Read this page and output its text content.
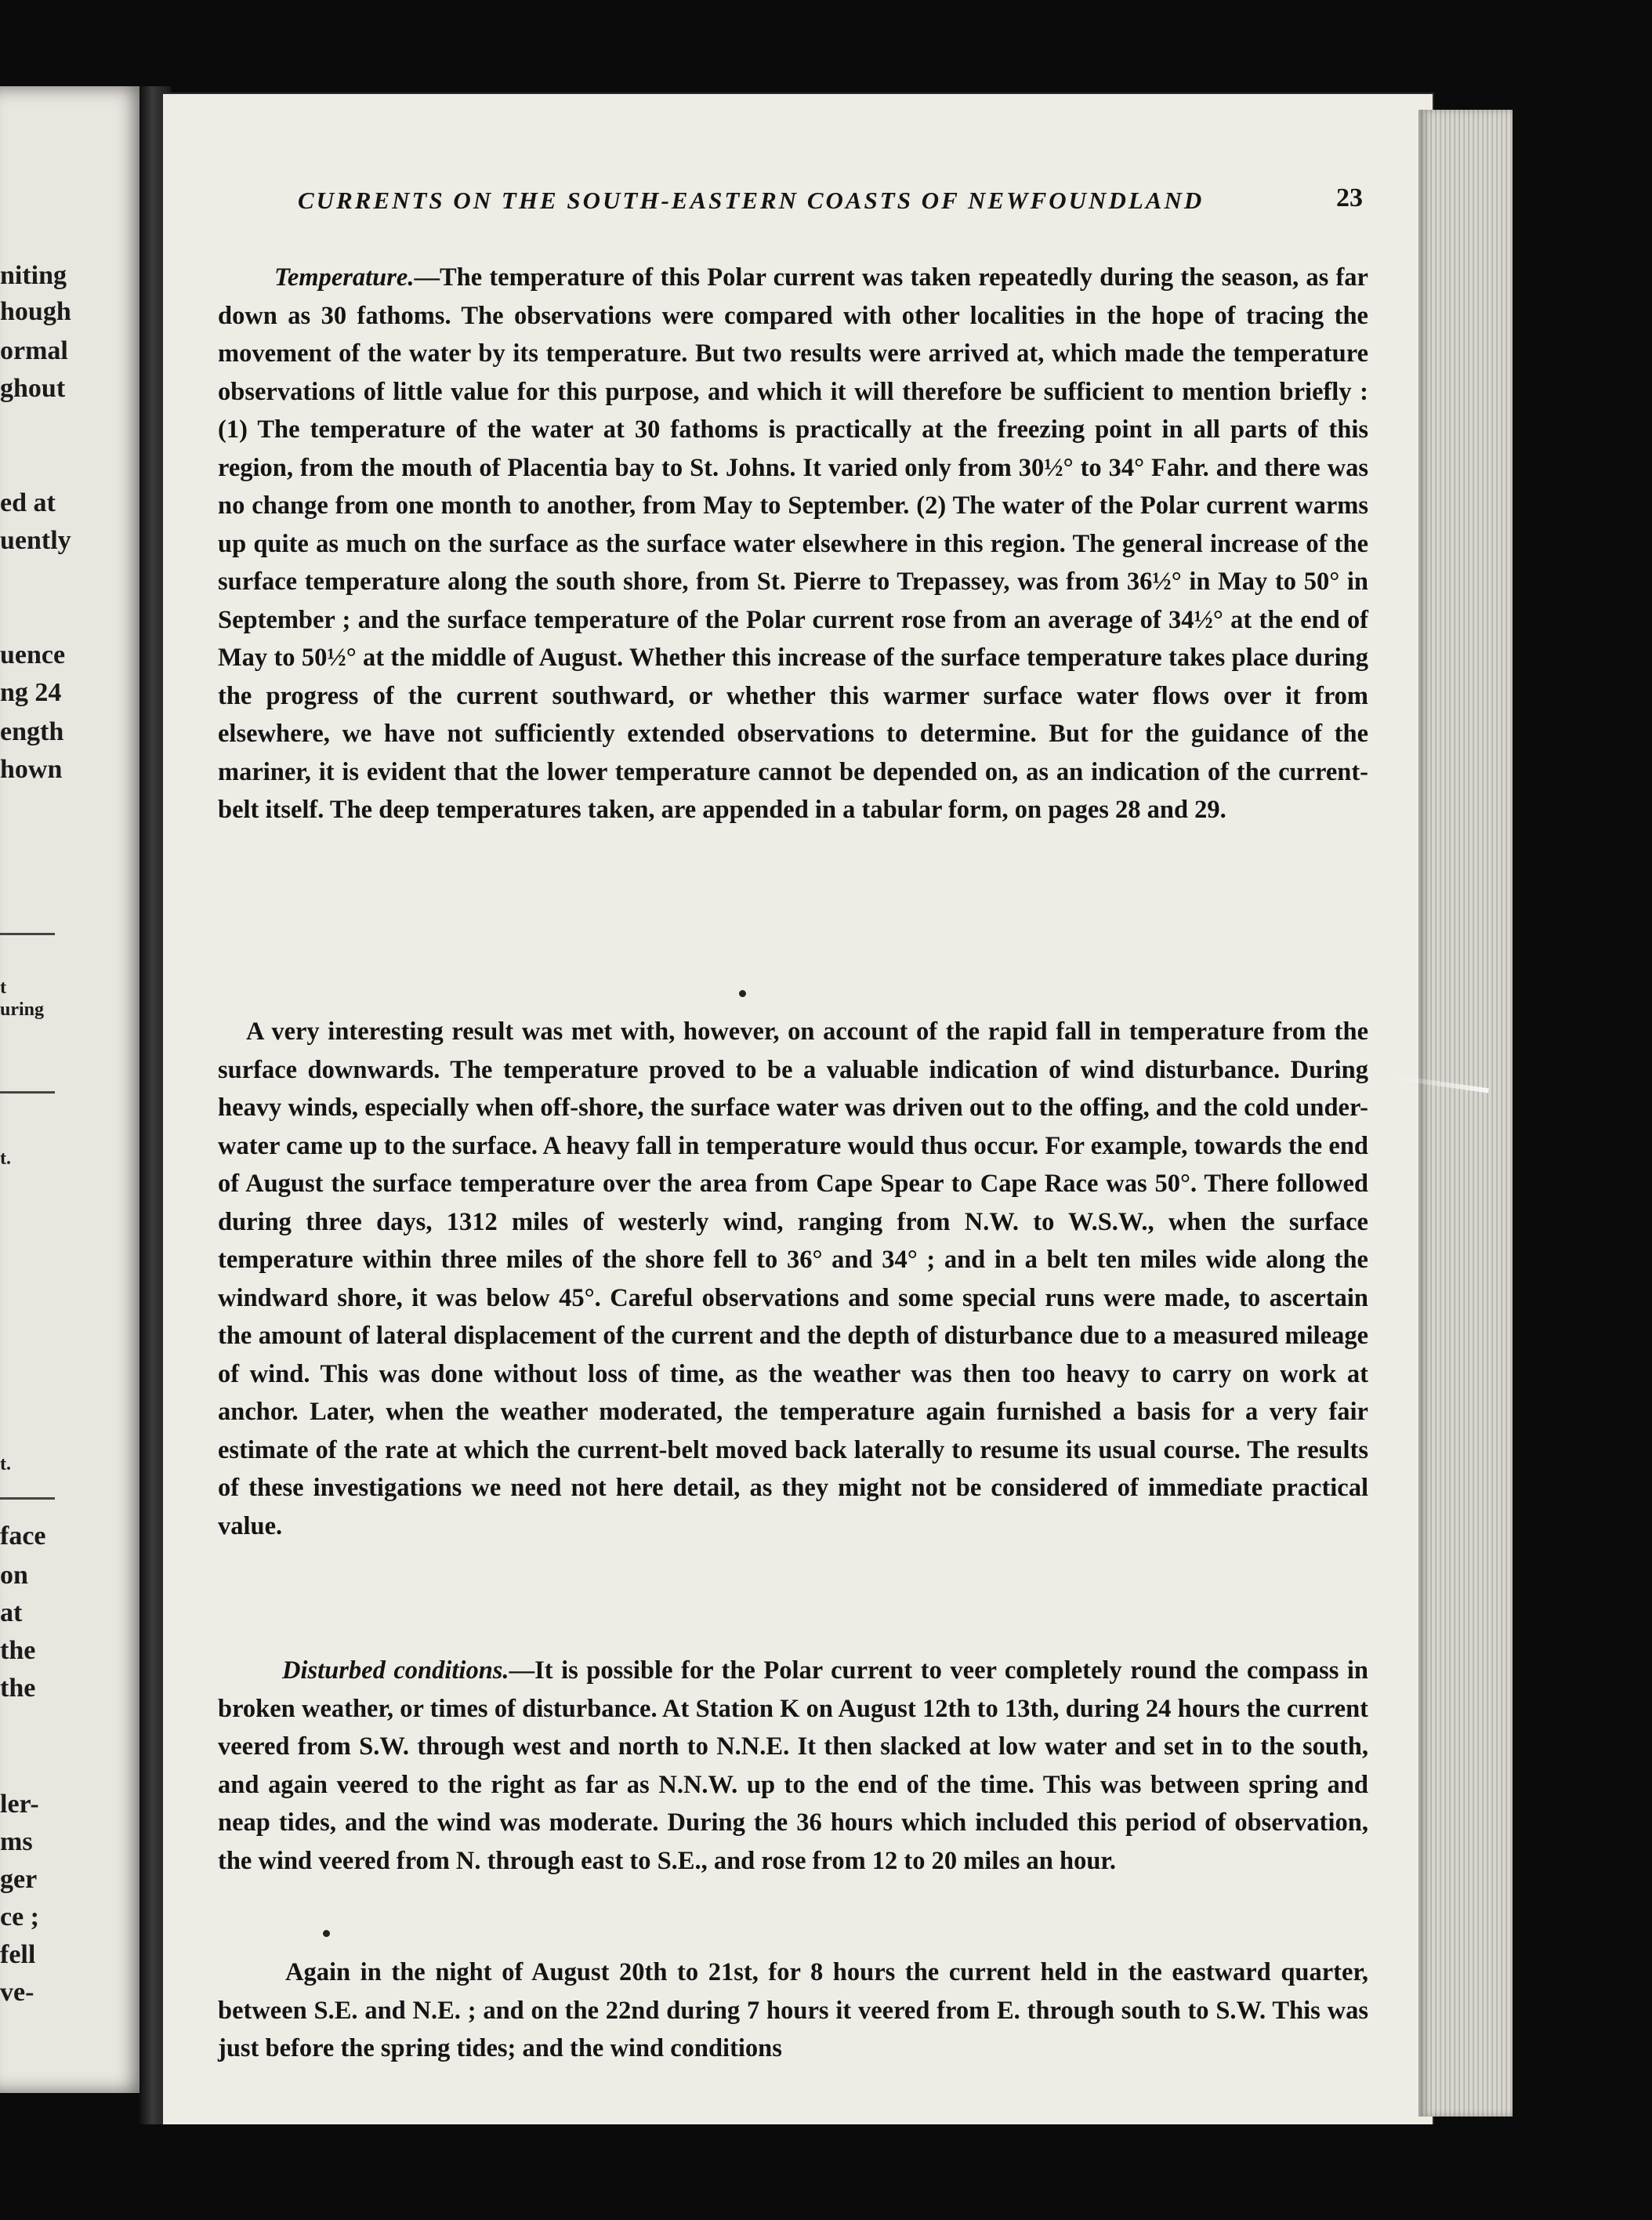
niting
hough
ormal
ghout
ed at
uently
uence
ng 24
ength
hown
t
uring
t.
t.
face
on
at
the
the
ler-
ms
ger
ce ;
fell
ve-
CURRENTS ON THE SOUTH-EASTERN COASTS OF NEWFOUNDLAND	23
Temperature.—The temperature of this Polar current was taken repeatedly during the season, as far down as 30 fathoms. The observations were compared with other localities in the hope of tracing the movement of the water by its temperature. But two results were arrived at, which made the temperature observations of little value for this purpose, and which it will therefore be sufficient to mention briefly : (1) The temperature of the water at 30 fathoms is practically at the freezing point in all parts of this region, from the mouth of Placentia bay to St. Johns. It varied only from 30½° to 34° Fahr. and there was no change from one month to another, from May to September. (2) The water of the Polar current warms up quite as much on the surface as the surface water elsewhere in this region. The general increase of the surface temperature along the south shore, from St. Pierre to Trepassey, was from 36½° in May to 50° in September ; and the surface temperature of the Polar current rose from an average of 34½° at the end of May to 50½° at the middle of August. Whether this increase of the surface temperature takes place during the progress of the current southward, or whether this warmer surface water flows over it from elsewhere, we have not sufficiently extended observations to determine. But for the guidance of the mariner, it is evident that the lower temperature cannot be depended on, as an indication of the current-belt itself. The deep temperatures taken, are appended in a tabular form, on pages 28 and 29.
A very interesting result was met with, however, on account of the rapid fall in temperature from the surface downwards. The temperature proved to be a valuable indication of wind disturbance. During heavy winds, especially when off-shore, the surface water was driven out to the offing, and the cold under-water came up to the surface. A heavy fall in temperature would thus occur. For example, towards the end of August the surface temperature over the area from Cape Spear to Cape Race was 50°. There followed during three days, 1312 miles of westerly wind, ranging from N.W. to W.S.W., when the surface temperature within three miles of the shore fell to 36° and 34° ; and in a belt ten miles wide along the windward shore, it was below 45°. Careful observations and some special runs were made, to ascertain the amount of lateral displacement of the current and the depth of disturbance due to a measured mileage of wind. This was done without loss of time, as the weather was then too heavy to carry on work at anchor. Later, when the weather moderated, the temperature again furnished a basis for a very fair estimate of the rate at which the current-belt moved back laterally to resume its usual course. The results of these investigations we need not here detail, as they might not be considered of immediate practical value.
Disturbed conditions.—It is possible for the Polar current to veer completely round the compass in broken weather, or times of disturbance. At Station K on August 12th to 13th, during 24 hours the current veered from S.W. through west and north to N.N.E. It then slacked at low water and set in to the south, and again veered to the right as far as N.N.W. up to the end of the time. This was between spring and neap tides, and the wind was moderate. During the 36 hours which included this period of observation, the wind veered from N. through east to S.E., and rose from 12 to 20 miles an hour.
Again in the night of August 20th to 21st, for 8 hours the current held in the eastward quarter, between S.E. and N.E. ; and on the 22nd during 7 hours it veered from E. through south to S.W. This was just before the spring tides; and the wind conditions
